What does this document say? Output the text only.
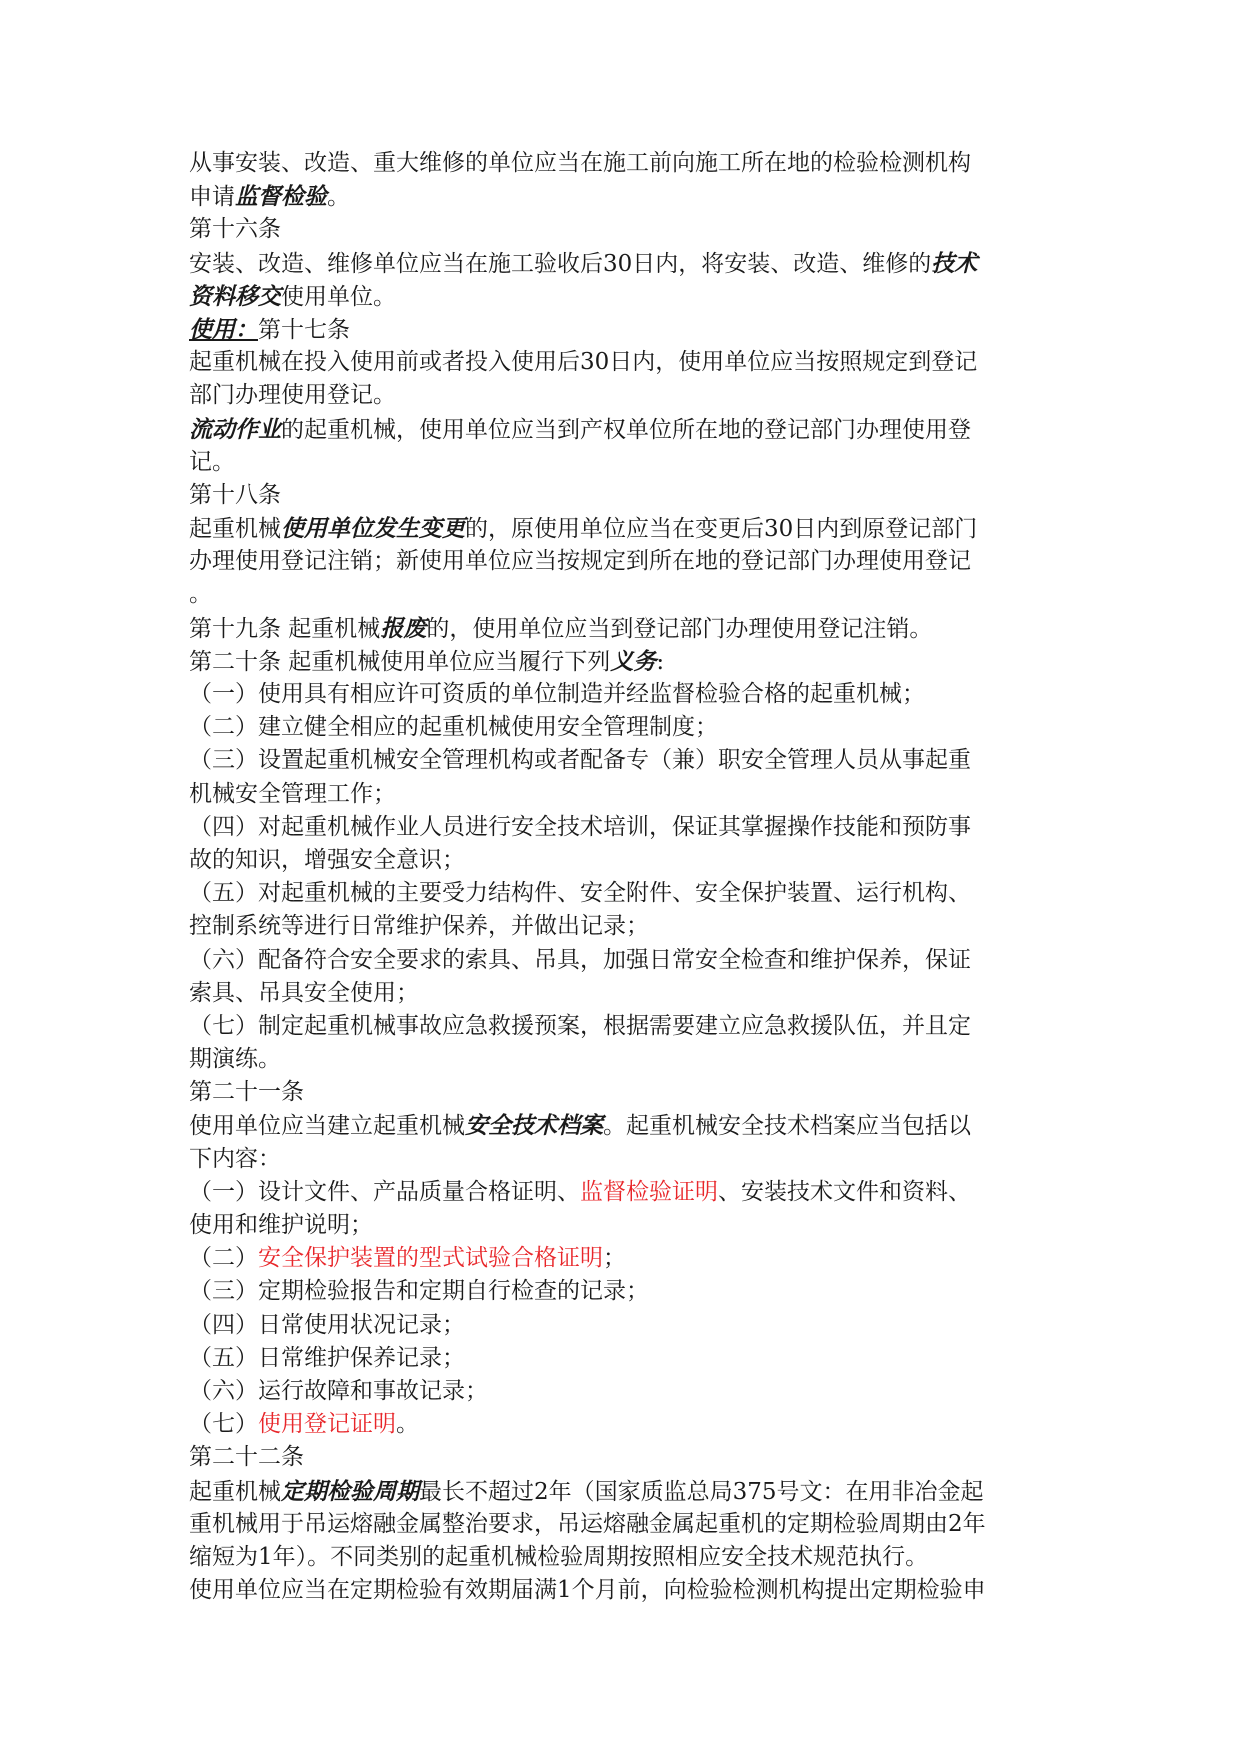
从事安装、改造、重大维修的单位应当在施工前向施工所在地的检验检测机构
申请监督检验。
第十六条
安装、改造、维修单位应当在施工验收后30日内，将安装、改造、维修的技术
资料移交使用单位。
使用：第十七条
起重机械在投入使用前或者投入使用后30日内，使用单位应当按照规定到登记
部门办理使用登记。
流动作业的起重机械，使用单位应当到产权单位所在地的登记部门办理使用登
记。
第十八条
起重机械使用单位发生变更的，原使用单位应当在变更后30日内到原登记部门
办理使用登记注销；新使用单位应当按规定到所在地的登记部门办理使用登记
。
第十九条 起重机械报废的，使用单位应当到登记部门办理使用登记注销。
第二十条 起重机械使用单位应当履行下列义务:
（一）使用具有相应许可资质的单位制造并经监督检验合格的起重机械；
（二）建立健全相应的起重机械使用安全管理制度；
（三）设置起重机械安全管理机构或者配备专（兼）职安全管理人员从事起重
机械安全管理工作；
（四）对起重机械作业人员进行安全技术培训，保证其掌握操作技能和预防事
故的知识，增强安全意识；
（五）对起重机械的主要受力结构件、安全附件、安全保护装置、运行机构、
控制系统等进行日常维护保养，并做出记录；
（六）配备符合安全要求的索具、吊具，加强日常安全检查和维护保养，保证
索具、吊具安全使用；
（七）制定起重机械事故应急救援预案，根据需要建立应急救援队伍，并且定
期演练。
第二十一条
使用单位应当建立起重机械安全技术档案。起重机械安全技术档案应当包括以
下内容：
（一）设计文件、产品质量合格证明、监督检验证明、安装技术文件和资料、
使用和维护说明；
（二）安全保护装置的型式试验合格证明；
（三）定期检验报告和定期自行检查的记录；
（四）日常使用状况记录；
（五）日常维护保养记录；
（六）运行故障和事故记录；
（七）使用登记证明。
第二十二条
起重机械定期检验周期最长不超过2年（国家质监总局375号文：在用非冶金起
重机械用于吊运熔融金属整治要求，吊运熔融金属起重机的定期检验周期由2年
缩短为1年）。不同类别的起重机械检验周期按照相应安全技术规范执行。
使用单位应当在定期检验有效期届满1个月前，向检验检测机构提出定期检验申
